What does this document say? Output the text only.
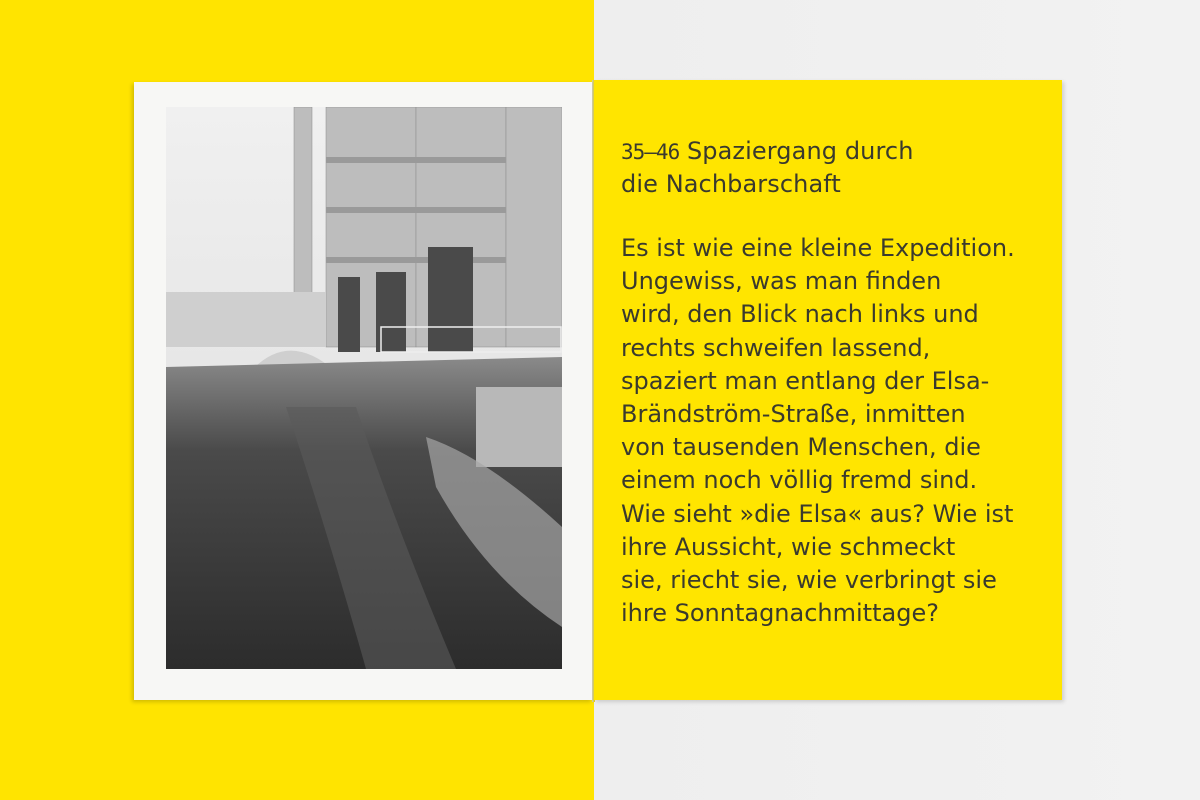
35–46 Spaziergang durch
die Nachbarschaft
Es ist wie eine kleine Expedition.
Ungewiss, was man finden
wird, den Blick nach links und
rechts schweifen lassend,
spaziert man entlang der Elsa-
Brändström-Straße, inmitten
von tausenden Menschen, die
einem noch völlig fremd sind.
Wie sieht »die Elsa« aus? Wie ist
ihre Aussicht, wie schmeckt
sie, riecht sie, wie verbringt sie
ihre Sonntagnachmittage?
